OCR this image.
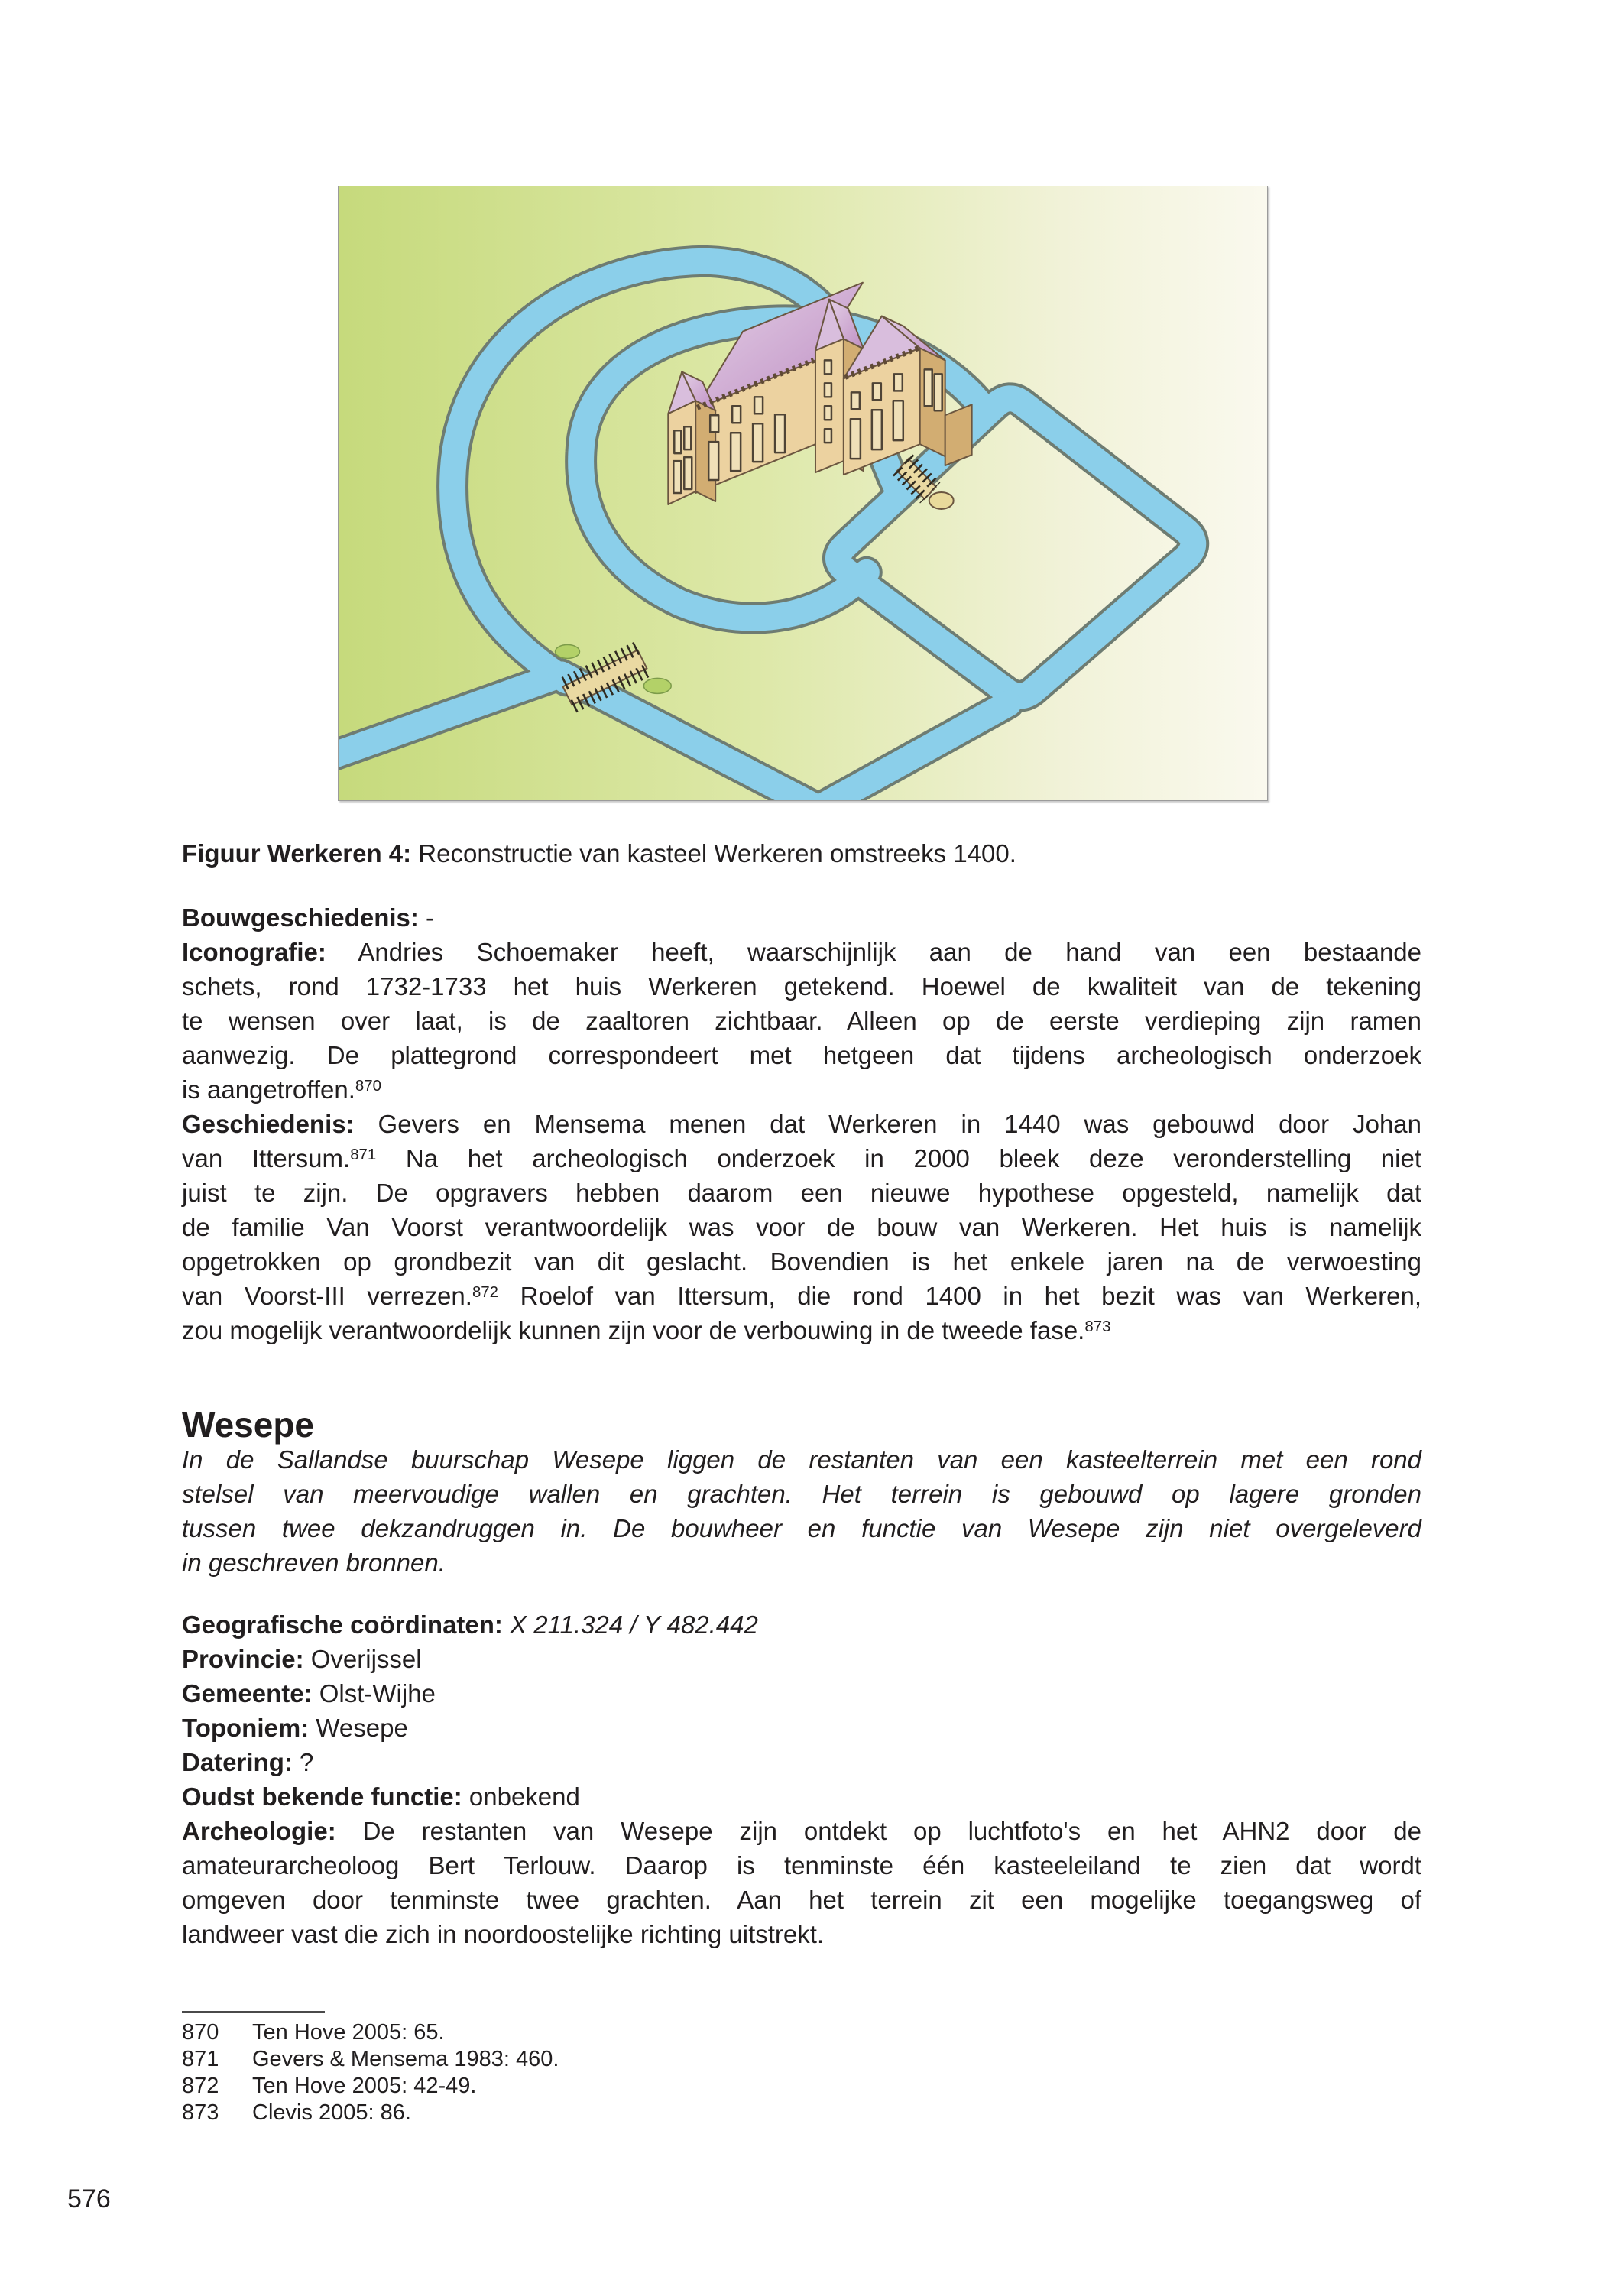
Figuur Werkeren 4: Reconstructie van kasteel Werkeren omstreeks 1400.
Bouwgeschiedenis: -
Iconografie: Andries Schoemaker heeft, waarschijnlijk aan de hand van een bestaande
schets, rond 1732-1733 het huis Werkeren getekend. Hoewel de kwaliteit van de tekening
te wensen over laat, is de zaaltoren zichtbaar. Alleen op de eerste verdieping zijn ramen
aanwezig. De plattegrond correspondeert met hetgeen dat tijdens archeologisch onderzoek
is aangetroffen.$^{870}$
Geschiedenis: Gevers en Mensema menen dat Werkeren in 1440 was gebouwd door Johan
van Ittersum.$^{871}$ Na het archeologisch onderzoek in 2000 bleek deze veronderstelling niet
juist te zijn. De opgravers hebben daarom een nieuwe hypothese opgesteld, namelijk dat
de familie Van Voorst verantwoordelijk was voor de bouw van Werkeren. Het huis is namelijk
opgetrokken op grondbezit van dit geslacht. Bovendien is het enkele jaren na de verwoesting
van Voorst-III verrezen.$^{872}$ Roelof van Ittersum, die rond 1400 in het bezit was van Werkeren,
zou mogelijk verantwoordelijk kunnen zijn voor de verbouwing in de tweede fase.$^{873}$
Wesepe
In de Sallandse buurschap Wesepe liggen de restanten van een kasteelterrein met een rond
stelsel van meervoudige wallen en grachten. Het terrein is gebouwd op lagere gronden
tussen twee dekzandruggen in. De bouwheer en functie van Wesepe zijn niet overgeleverd
in geschreven bronnen.
Geografische coördinaten: X 211.324 / Y 482.442
Provincie: Overijssel
Gemeente: Olst-Wijhe
Toponiem: Wesepe
Datering: ?
Oudst bekende functie: onbekend
Archeologie: De restanten van Wesepe zijn ontdekt op luchtfoto's en het AHN2 door de
amateurarcheoloog Bert Terlouw. Daarop is tenminste één kasteeleiland te zien dat wordt
omgeven door tenminste twee grachten. Aan het terrein zit een mogelijke toegangsweg of
landweer vast die zich in noordoostelijke richting uitstrekt.
870	Ten Hove 2005: 65.
871	Gevers & Mensema 1983: 460.
872	Ten Hove 2005: 42-49.
873	Clevis 2005: 86.
576
